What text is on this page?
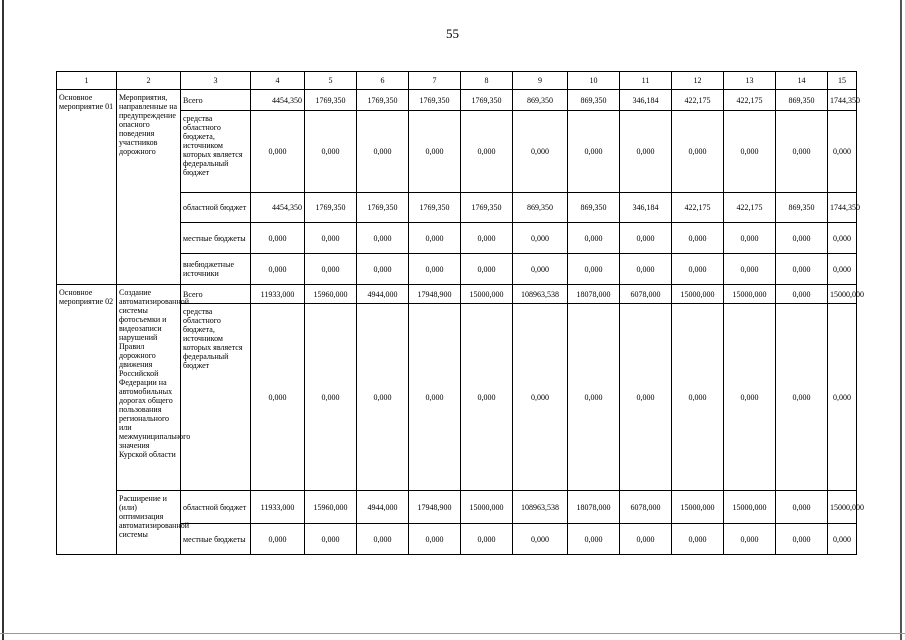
55
1	2	3	4	5	6	7	8	9	10	11	12	13	14	15
Основное мероприятие 01	Мероприятия, направленные на предупреждение опасного поведения участников дорожного	Всего	4454,350	1769,350	1769,350	1769,350	1769,350	869,350	869,350	346,184	422,175	422,175	869,350	1744,350
		средства областного бюджета, источником которых является федеральный бюджет	0,000	0,000	0,000	0,000	0,000	0,000	0,000	0,000	0,000	0,000	0,000	0,000
		областной бюджет	4454,350	1769,350	1769,350	1769,350	1769,350	869,350	869,350	346,184	422,175	422,175	869,350	1744,350
		местные бюджеты	0,000	0,000	0,000	0,000	0,000	0,000	0,000	0,000	0,000	0,000	0,000	0,000
		внебюджетные источники	0,000	0,000	0,000	0,000	0,000	0,000	0,000	0,000	0,000	0,000	0,000	0,000
Основное мероприятие 02	Создание автоматизированной системы фотосъемки и видеозаписи нарушений Правил дорожного движения Российской Федерации на автомобильных дорогах общего пользования регионального или межмуниципального значения Курской области	Всего	11933,000	15960,000	4944,000	17948,900	15000,000	108963,538	18078,000	6078,000	15000,000	15000,000	0,000	15000,000
		средства областного бюджета, источником которых является федеральный бюджет	0,000	0,000	0,000	0,000	0,000	0,000	0,000	0,000	0,000	0,000	0,000	0,000
	Расширение и (или) оптимизация автоматизированной системы	областной бюджет	11933,000	15960,000	4944,000	17948,900	15000,000	108963,538	18078,000	6078,000	15000,000	15000,000	0,000	15000,000
		местные бюджеты	0,000	0,000	0,000	0,000	0,000	0,000	0,000	0,000	0,000	0,000	0,000	0,000
